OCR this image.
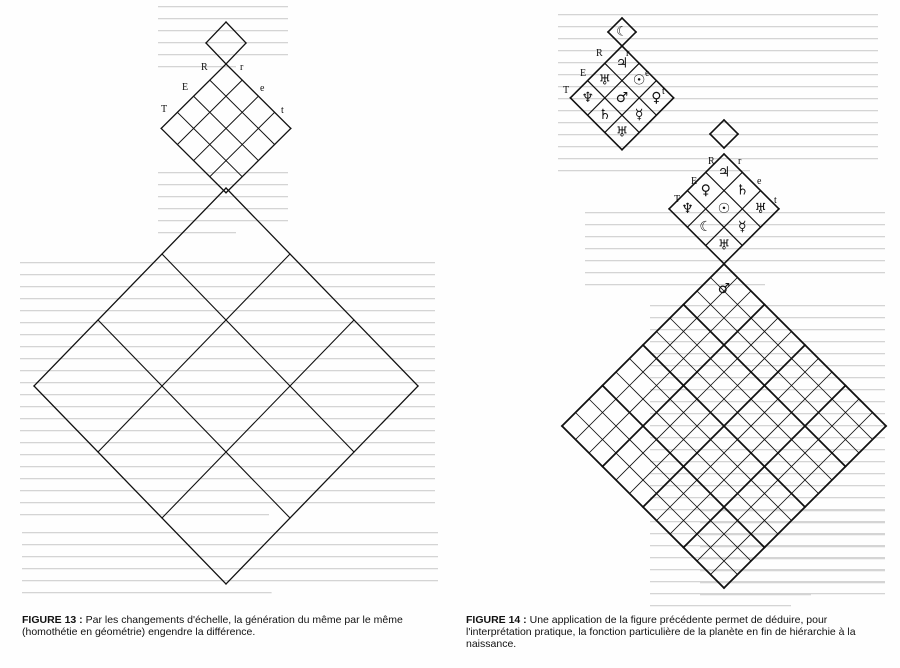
R	r
E	e
T	t
♃
☉
♀
♅
♂
☿
♆
♄
♅
♃
♄
♅
♀
☉
☿
♆
☾
♅
☾
♂
R r
E	e
T	t
R r
E	e
T	t
FIGURE 13 : Par les changements d'échelle, la génération du même par le même (homothétie en géométrie) engendre la différence.
FIGURE 14 : Une application de la figure précédente permet de déduire, pour l'interprétation pratique, la fonction particulière de la planète en fin de hiérarchie à la naissance.
